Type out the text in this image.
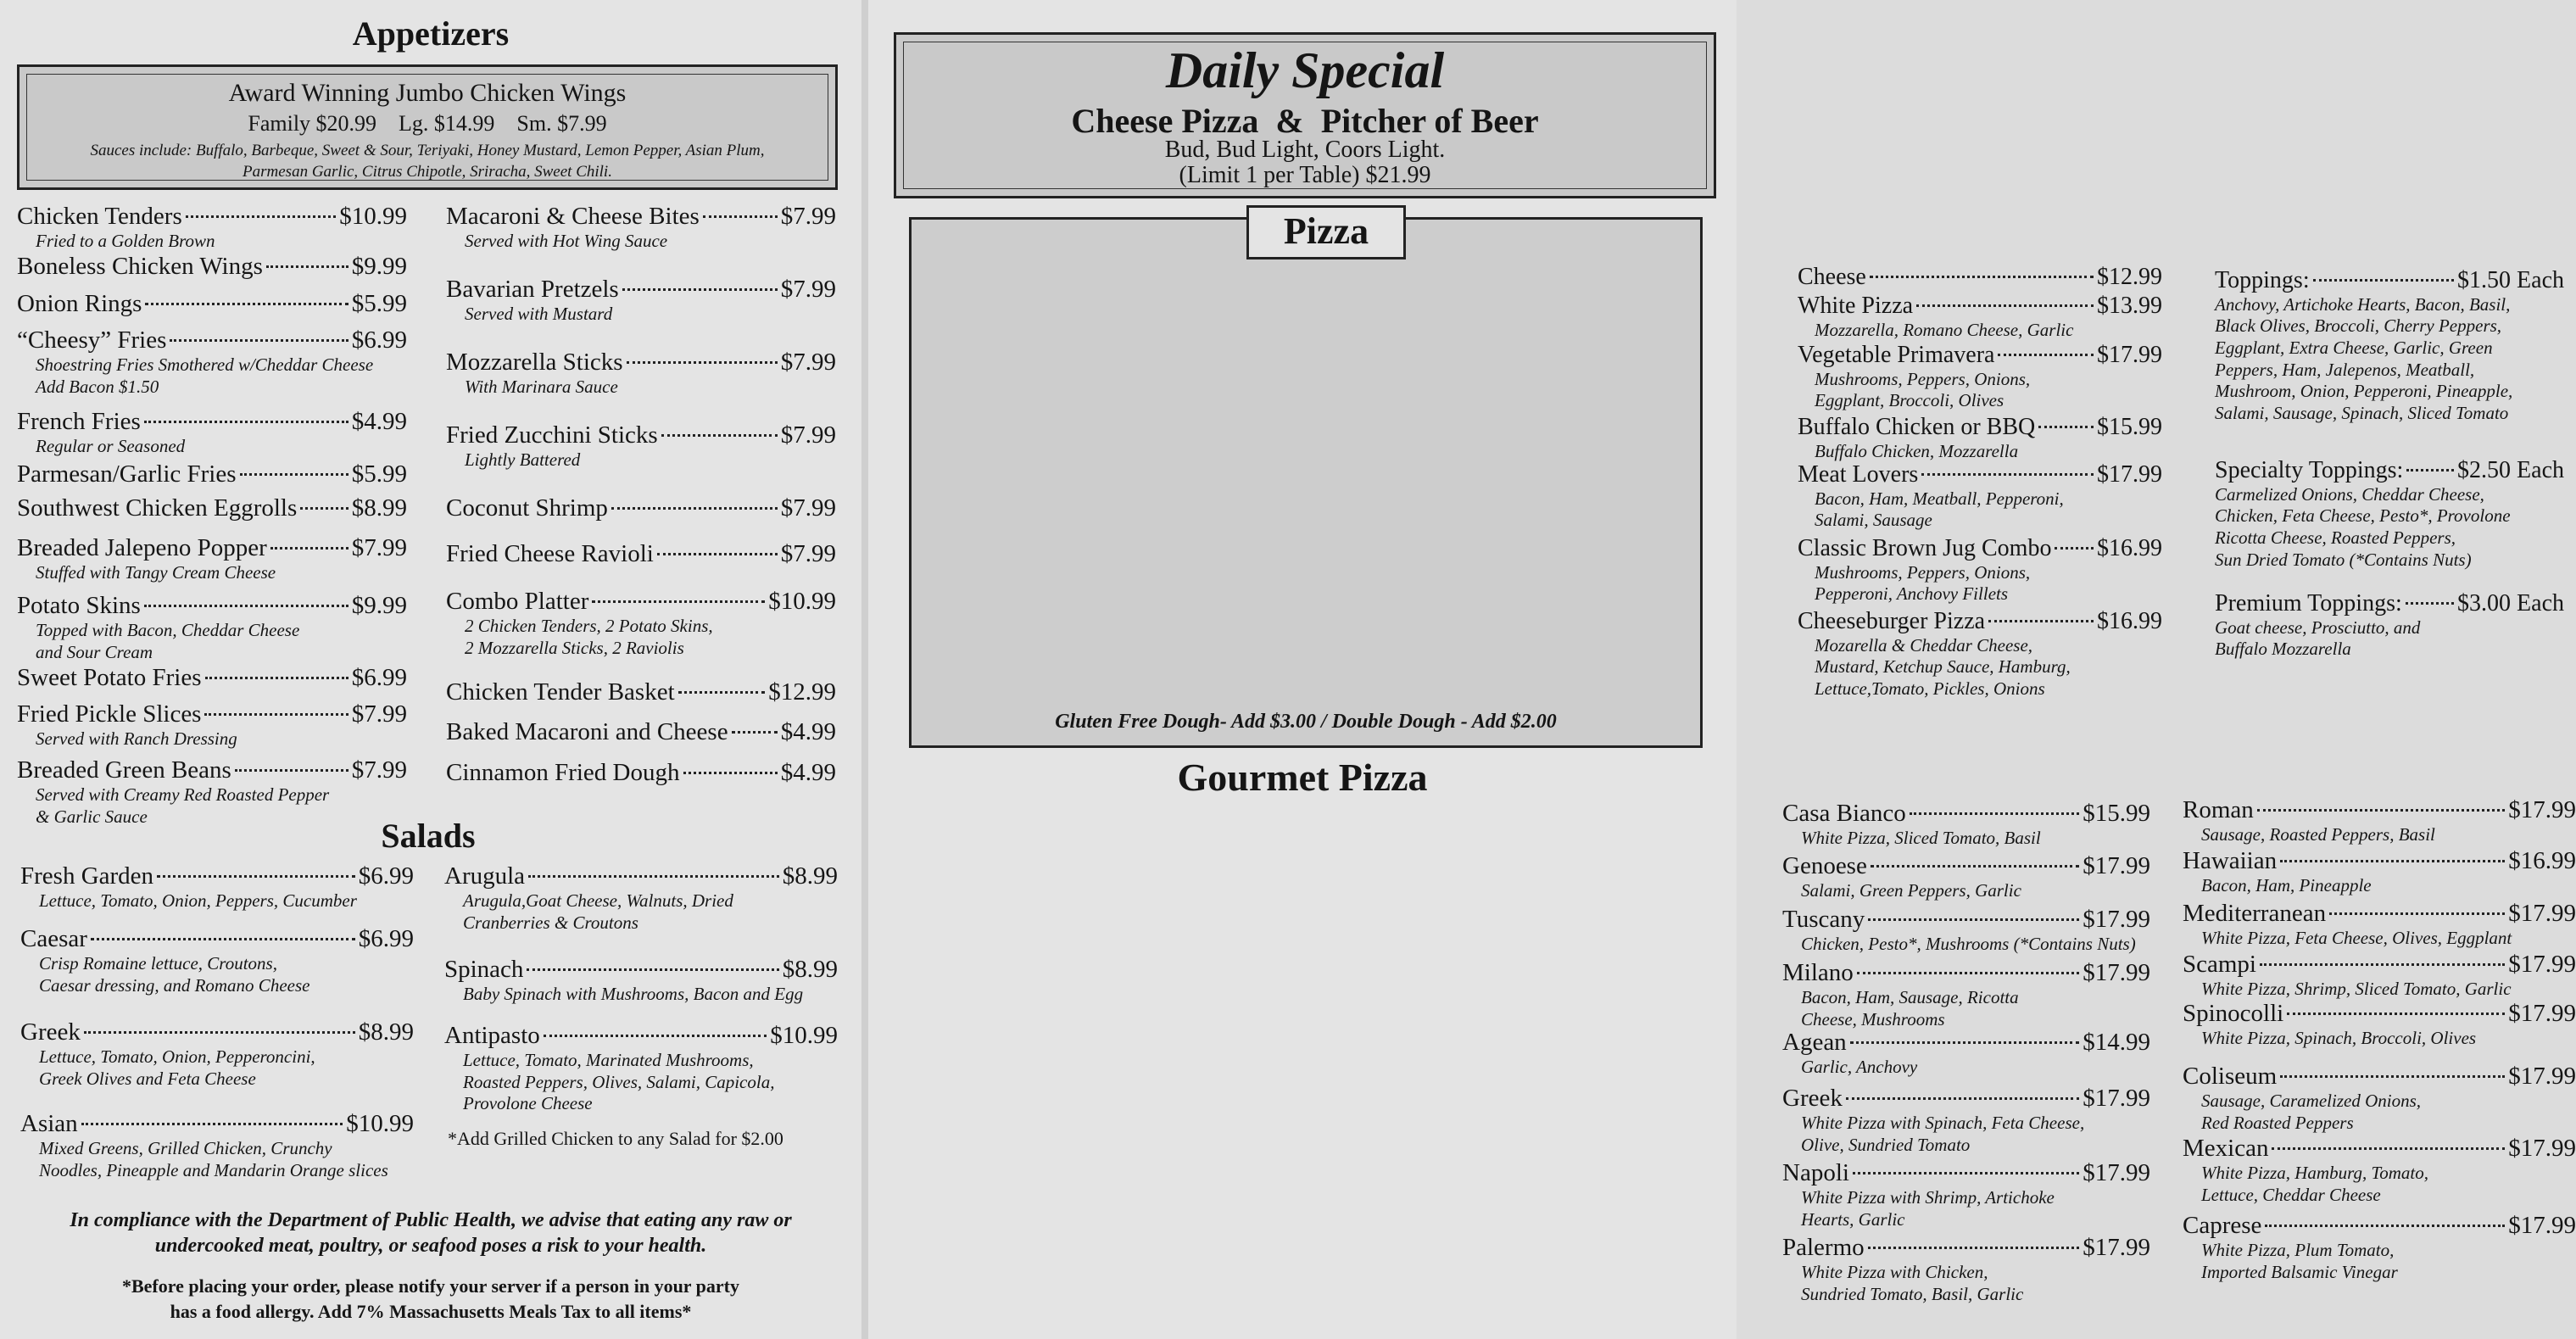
Appetizers
Award Winning Jumbo Chicken Wings
Family $20.99    Lg. $14.99    Sm. $7.99
Sauces include: Buffalo, Barbeque, Sweet & Sour, Teriyaki, Honey Mustard, Lemon Pepper, Asian Plum,
Parmesan Garlic, Citrus Chipotle, Sriracha, Sweet Chili.
Chicken Tenders	$10.99
Fried to a Golden Brown
Boneless Chicken Wings	$9.99
Onion Rings	$5.99
“Cheesy” Fries	$6.99
Shoestring Fries Smothered w/Cheddar Cheese
Add Bacon $1.50
French Fries	$4.99
Regular or Seasoned
Parmesan/Garlic Fries	$5.99
Southwest Chicken Eggrolls $8.99
Breaded Jalepeno Popper	$7.99
Stuffed with Tangy Cream Cheese
Potato Skins	$9.99
Topped with Bacon, Cheddar Cheese
and Sour Cream
Sweet Potato Fries	$6.99
Fried Pickle Slices	$7.99
Served with Ranch Dressing
Breaded Green Beans	$7.99
Served with Creamy Red Roasted Pepper
& Garlic Sauce
Macaroni & Cheese Bites	$7.99
Served with Hot Wing Sauce
Bavarian Pretzels	$7.99
Served with Mustard
Mozzarella Sticks	$7.99
With Marinara Sauce
Fried Zucchini Sticks	$7.99
Lightly Battered
Coconut Shrimp	$7.99
Fried Cheese Ravioli	$7.99
Combo Platter	$10.99
2 Chicken Tenders, 2 Potato Skins,
2 Mozzarella Sticks, 2 Raviolis
Chicken Tender Basket	$12.99
Baked Macaroni and Cheese $4.99
Cinnamon Fried Dough	$4.99
Salads
Fresh Garden	$6.99
Lettuce, Tomato, Onion, Peppers, Cucumber
Caesar	$6.99
Crisp Romaine lettuce, Croutons,
Caesar dressing, and Romano Cheese
Greek	$8.99
Lettuce, Tomato, Onion, Pepperoncini,
Greek Olives and Feta Cheese
Asian	$10.99
Mixed Greens, Grilled Chicken, Crunchy
Noodles, Pineapple and Mandarin Orange slices
Arugula	$8.99
Arugula,Goat Cheese, Walnuts, Dried
Cranberries & Croutons
Spinach	$8.99
Baby Spinach with Mushrooms, Bacon and Egg
Antipasto	$10.99
Lettuce, Tomato, Marinated Mushrooms,
Roasted Peppers, Olives, Salami, Capicola,
Provolone Cheese
*Add Grilled Chicken to any Salad for $2.00
In compliance with the Department of Public Health, we advise that eating any raw or
undercooked meat, poultry, or seafood poses a risk to your health.
*Before placing your order, please notify your server if a person in your party
has a food allergy. Add 7% Massachusetts Meals Tax to all items*
Daily Special
Cheese Pizza  &  Pitcher of Beer
Bud, Bud Light, Coors Light.
(Limit 1 per Table) $21.99
Pizza
Cheese	$12.99
White Pizza	$13.99
Mozzarella, Romano Cheese, Garlic
Vegetable Primavera	$17.99
Mushrooms, Peppers, Onions,
Eggplant, Broccoli, Olives
Buffalo Chicken or BBQ	$15.99
Buffalo Chicken, Mozzarella
Meat Lovers	$17.99
Bacon, Ham, Meatball, Pepperoni,
Salami, Sausage
Classic Brown Jug Combo $16.99
Mushrooms, Peppers, Onions,
Pepperoni, Anchovy Fillets
Cheeseburger Pizza	$16.99
Mozarella & Cheddar Cheese,
Mustard, Ketchup Sauce, Hamburg,
Lettuce,Tomato, Pickles, Onions
Toppings:	$1.50 Each
Anchovy, Artichoke Hearts, Bacon, Basil,
Black Olives, Broccoli, Cherry Peppers,
Eggplant, Extra Cheese, Garlic, Green
Peppers, Ham, Jalepenos, Meatball,
Mushroom, Onion, Pepperoni, Pineapple,
Salami, Sausage, Spinach, Sliced Tomato
Specialty Toppings: $2.50 Each
Carmelized Onions, Cheddar Cheese,
Chicken, Feta Cheese, Pesto*, Provolone
Ricotta Cheese, Roasted Peppers,
Sun Dried Tomato (*Contains Nuts)
Premium Toppings: $3.00 Each
Goat cheese, Prosciutto, and
Buffalo Mozzarella
Gluten Free Dough- Add $3.00 / Double Dough - Add $2.00
Gourmet Pizza
Casa Bianco	$15.99
White Pizza, Sliced Tomato, Basil
Genoese	$17.99
Salami, Green Peppers, Garlic
Tuscany	$17.99
Chicken, Pesto*, Mushrooms (*Contains Nuts)
Milano	$17.99
Bacon, Ham, Sausage, Ricotta
Cheese, Mushrooms
Agean	$14.99
Garlic, Anchovy
Greek	$17.99
White Pizza with Spinach, Feta Cheese,
Olive, Sundried Tomato
Napoli	$17.99
White Pizza with Shrimp, Artichoke
Hearts, Garlic
Palermo	$17.99
White Pizza with Chicken,
Sundried Tomato, Basil, Garlic
Roman	$17.99
Sausage, Roasted Peppers, Basil
Hawaiian	$16.99
Bacon, Ham, Pineapple
Mediterranean	$17.99
White Pizza, Feta Cheese, Olives, Eggplant
Scampi	$17.99
White Pizza, Shrimp, Sliced Tomato, Garlic
Spinocolli	$17.99
White Pizza, Spinach, Broccoli, Olives
Coliseum	$17.99
Sausage, Caramelized Onions,
Red Roasted Peppers
Mexican	$17.99
White Pizza, Hamburg, Tomato,
Lettuce, Cheddar Cheese
Caprese	$17.99
White Pizza, Plum Tomato,
Imported Balsamic Vinegar
